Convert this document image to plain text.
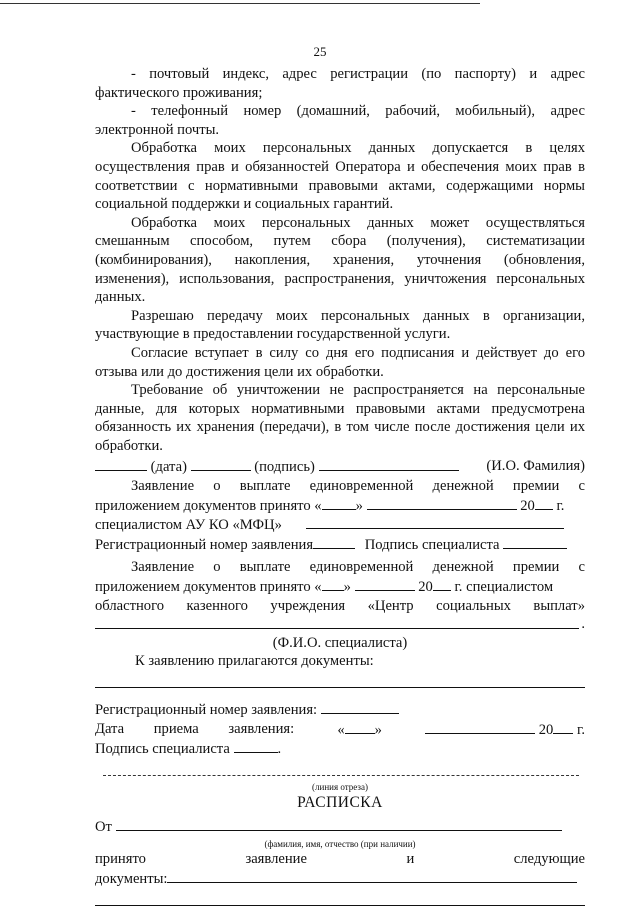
25

- почтовый индекс, адрес регистрации (по паспорту) и адрес фактического проживания;

- телефонный номер (домашний, рабочий, мобильный), адрес электронной почты.

Обработка моих персональных данных допускается в целях осуществления прав и обязанностей Оператора и обеспечения моих прав в соответствии с нормативными правовыми актами, содержащими нормы социальной поддержки и социальных гарантий.

Обработка моих персональных данных может осуществляться смешанным способом, путем сбора (получения), систематизации (комбинирования), накопления, хранения, уточнения (обновления, изменения), использования, распространения, уничтожения персональных данных.

Разрешаю передачу моих персональных данных в организации, участвующие в предоставлении государственной услуги.

Согласие вступает в силу со дня его подписания и действует до его отзыва или до достижения цели их обработки.

Требование об уничтожении не распространяется на персональные данные, для которых нормативными правовыми актами предусмотрена обязанность их хранения (передачи), в том числе после достижения цели их обработки.

(дата)	(подпись)	(И.О. Фамилия)

Заявление о выплате единовременной денежной премии с

приложением документов принято « »	20 г.
специалистом АУ КО «МФЦ»
Регистрационный номер заявления	Подпись специалиста

Заявление о выплате единовременной денежной премии с

приложением документов принято « »	20 г. специалистом

областного казенного учреждения «Центр социальных выплат»

.

(Ф.И.О. специалиста)

К заявлению прилагаются документы:

Регистрационный номер заявления:
Дата приема заявления:	« »	20 г.
Подпись специалиста	.

(линия отреза)

РАСПИСКА

От

(фамилия, имя, отчество (при наличии)

принято	заявление	и	следующие
документы:
